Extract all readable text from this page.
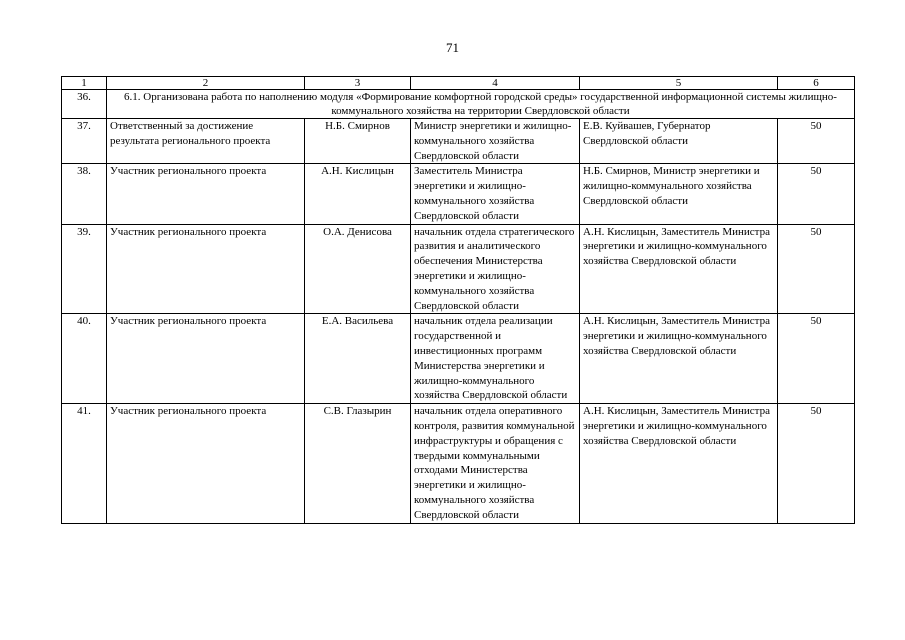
71
1	2	3	4	5	6
36.	6.1. Организована работа по наполнению модуля «Формирование комфортной городской среды» государственной информационной системы жилищно-коммунального хозяйства на территории Свердловской области				
37.	Ответственный за достижение результата регионального проекта	Н.Б. Смирнов	Министр энергетики и жилищно-коммунального хозяйства Свердловской области	Е.В. Куйвашев, Губернатор Свердловской области	50
38.	Участник регионального проекта	А.Н. Кислицын	Заместитель Министра энергетики и жилищно-коммунального хозяйства Свердловской области	Н.Б. Смирнов, Министр энергетики и жилищно-коммунального хозяйства Свердловской области	50
39.	Участник регионального проекта	О.А. Денисова	начальник отдела стратегического развития и аналитического обеспечения Министерства энергетики и жилищно-коммунального хозяйства Свердловской области	А.Н. Кислицын, Заместитель Министра энергетики и жилищно-коммунального хозяйства Свердловской области	50
40.	Участник регионального проекта	Е.А. Васильева	начальник отдела реализации государственной и инвестиционных программ Министерства энергетики и жилищно-коммунального хозяйства Свердловской области	А.Н. Кислицын, Заместитель Министра энергетики и жилищно-коммунального хозяйства Свердловской области	50
41.	Участник регионального проекта	С.В. Глазырин	начальник отдела оперативного контроля, развития коммунальной инфраструктуры и обращения с твердыми коммунальными отходами Министерства энергетики и жилищно-коммунального хозяйства Свердловской области	А.Н. Кислицын, Заместитель Министра энергетики и жилищно-коммунального хозяйства Свердловской области	50
